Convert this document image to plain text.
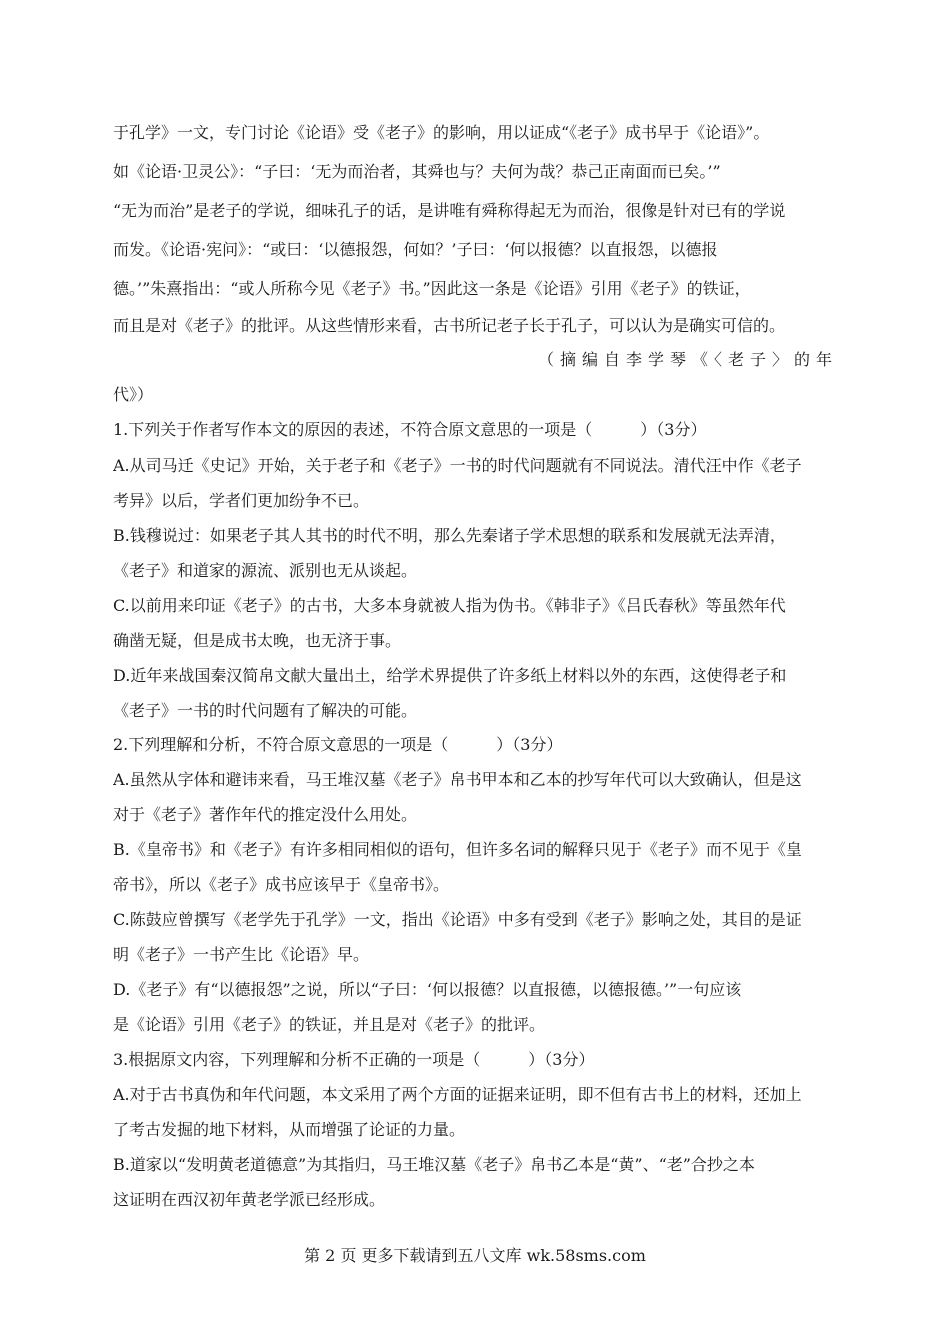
于孔学》一文，专门讨论《论语》受《老子》的影响，用以证成“《老子》成书早于《论语》”。
如《论语·卫灵公》：“子曰：‘无为而治者，其舜也与？夫何为哉？恭己正南面而已矣。’”
“无为而治”是老子的学说，细味孔子的话，是讲唯有舜称得起无为而治，很像是针对已有的学说
而发。《论语·宪问》：“或曰：‘以德报怨，何如？’子曰：‘何以报德？以直报怨，以德报
德。’”朱熹指出：“或人所称今见《老子》书。”因此这一条是《论语》引用《老子》的铁证，
而且是对《老子》的批评。从这些情形来看，古书所记老子长于孔子，可以认为是确实可信的。
（摘编自李学琴《〈老子〉的年
代》）
1.下列关于作者写作本文的原因的表述，不符合原文意思的一项是（　　　）（3分）
A.从司马迁《史记》开始，关于老子和《老子》一书的时代问题就有不同说法。清代汪中作《老子
考异》以后，学者们更加纷争不已。
B.钱穆说过：如果老子其人其书的时代不明，那么先秦诸子学术思想的联系和发展就无法弄清，
《老子》和道家的源流、派别也无从谈起。
C.以前用来印证《老子》的古书，大多本身就被人指为伪书。《韩非子》《吕氏春秋》等虽然年代
确凿无疑，但是成书太晚，也无济于事。
D.近年来战国秦汉简帛文献大量出土，给学术界提供了许多纸上材料以外的东西，这使得老子和
《老子》一书的时代问题有了解决的可能。
2.下列理解和分析，不符合原文意思的一项是（　　　）（3分）
A.虽然从字体和避讳来看，马王堆汉墓《老子》帛书甲本和乙本的抄写年代可以大致确认，但是这
对于《老子》著作年代的推定没什么用处。
B.《皇帝书》和《老子》有许多相同相似的语句，但许多名词的解释只见于《老子》而不见于《皇
帝书》，所以《老子》成书应该早于《皇帝书》。
C.陈鼓应曾撰写《老学先于孔学》一文，指出《论语》中多有受到《老子》影响之处，其目的是证
明《老子》一书产生比《论语》早。
D.《老子》有“以德报怨”之说，所以“子曰：‘何以报德？以直报德，以德报德。’”一句应该
是《论语》引用《老子》的铁证，并且是对《老子》的批评。
3.根据原文内容，下列理解和分析不正确的一项是（　　　）（3分）
A.对于古书真伪和年代问题，本文采用了两个方面的证据来证明，即不但有古书上的材料，还加上
了考古发掘的地下材料，从而增强了论证的力量。
B.道家以“发明黄老道德意”为其指归，马王堆汉墓《老子》帛书乙本是“黄”、“老”合抄之本
这证明在西汉初年黄老学派已经形成。
第 2 页 更多下载请到五八文库 wk.58sms.com
